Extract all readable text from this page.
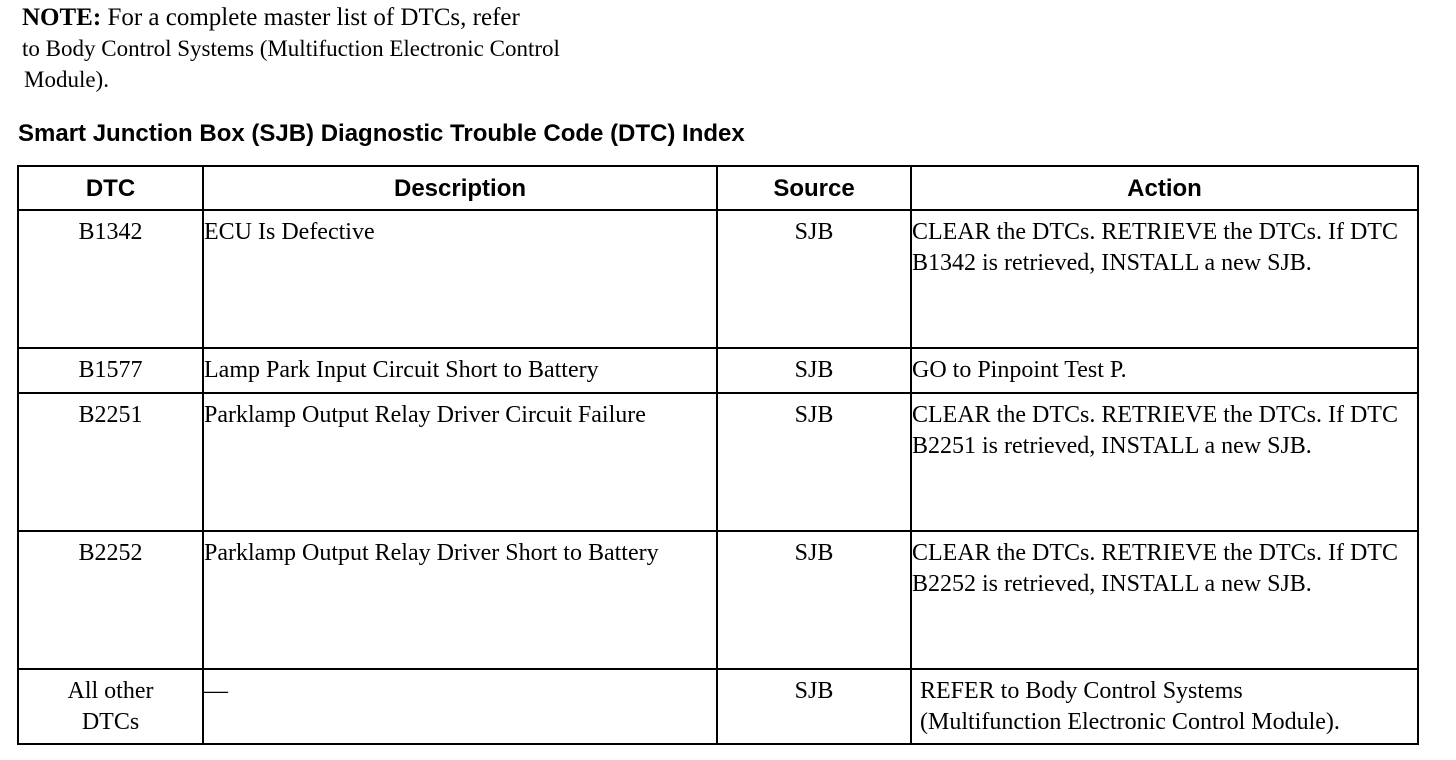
NOTE: For a complete master list of DTCs, refer
to Body Control Systems (Multifuction Electronic Control
Module).
Smart Junction Box (SJB) Diagnostic Trouble Code (DTC) Index
DTC	Description	Source	Action
B1342	ECU Is Defective	SJB	CLEAR the DTCs. RETRIEVE the DTCs. If DTC B1342 is retrieved, INSTALL a new SJB.
B1577	Lamp Park Input Circuit Short to Battery	SJB	GO to Pinpoint Test P.
B2251	Parklamp Output Relay Driver Circuit Failure	SJB	CLEAR the DTCs. RETRIEVE the DTCs. If DTC B2251 is retrieved, INSTALL a new SJB.
B2252	Parklamp Output Relay Driver Short to Battery	SJB	CLEAR the DTCs. RETRIEVE the DTCs. If DTC B2252 is retrieved, INSTALL a new SJB.

All other
DTCs	—	SJB	REFER to Body Control Systems
(Multifunction Electronic Control Module).
